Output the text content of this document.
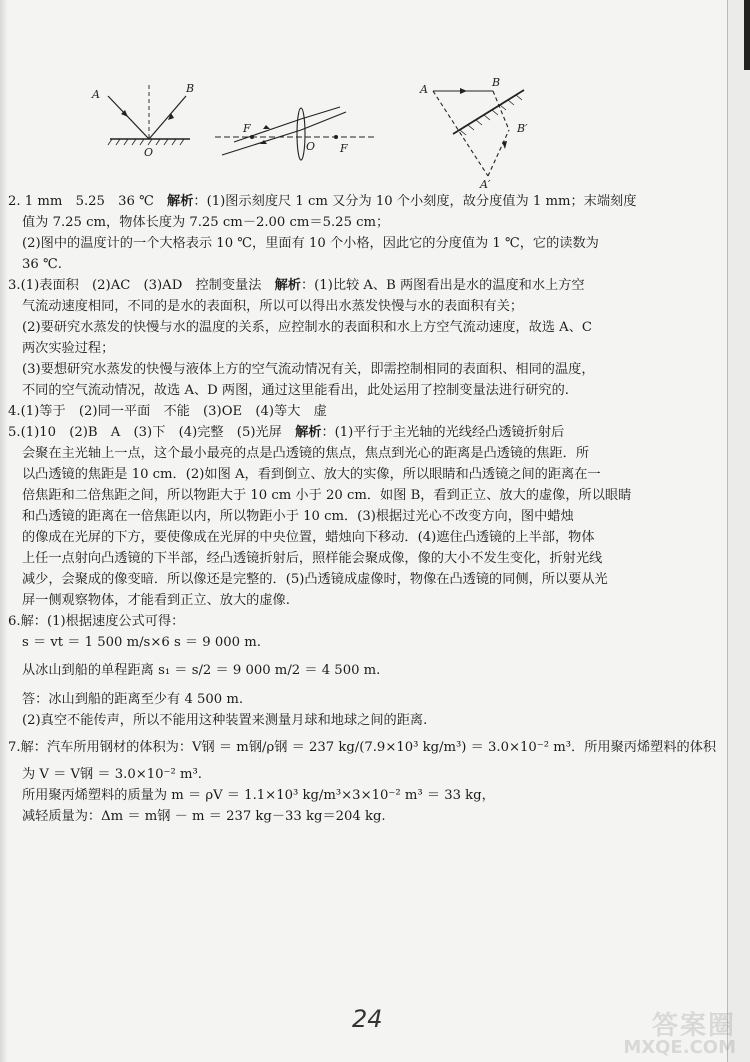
A	B
O
F
O F
A
B
B′
A′
2. 1 mm　5.25　36 ℃　解析：(1)图示刻度尺 1 cm 又分为 10 个小刻度，故分度值为 1 mm；末端刻度
值为 7.25 cm，物体长度为 7.25 cm－2.00 cm＝5.25 cm；
(2)图中的温度计的一个大格表示 10 ℃，里面有 10 个小格，因此它的分度值为 1 ℃，它的读数为
36 ℃.
3.(1)表面积　(2)AC　(3)AD　控制变量法　解析：(1)比较 A、B 两图看出是水的温度和水上方空
气流动速度相同，不同的是水的表面积，所以可以得出水蒸发快慢与水的表面积有关；
(2)要研究水蒸发的快慢与水的温度的关系，应控制水的表面积和水上方空气流动速度，故选 A、C
两次实验过程；
(3)要想研究水蒸发的快慢与液体上方的空气流动情况有关，即需控制相同的表面积、相同的温度，
不同的空气流动情况，故选 A、D 两图，通过这里能看出，此处运用了控制变量法进行研究的.
4.(1)等于　(2)同一平面　不能　(3)OE　(4)等大　虚
5.(1)10　(2)B　A　(3)下　(4)完整　(5)光屏　解析：(1)平行于主光轴的光线经凸透镜折射后
会聚在主光轴上一点，这个最小最亮的点是凸透镜的焦点，焦点到光心的距离是凸透镜的焦距．所
以凸透镜的焦距是 10 cm．(2)如图 A，看到倒立、放大的实像，所以眼睛和凸透镜之间的距离在一
倍焦距和二倍焦距之间，所以物距大于 10 cm 小于 20 cm．如图 B，看到正立、放大的虚像，所以眼睛
和凸透镜的距离在一倍焦距以内，所以物距小于 10 cm．(3)根据过光心不改变方向，图中蜡烛
的像成在光屏的下方，要使像成在光屏的中央位置，蜡烛向下移动．(4)遮住凸透镜的上半部，物体
上任一点射向凸透镜的下半部，经凸透镜折射后，照样能会聚成像，像的大小不发生变化，折射光线
减少，会聚成的像变暗．所以像还是完整的．(5)凸透镜成虚像时，物像在凸透镜的同侧，所以要从光
屏一侧观察物体，才能看到正立、放大的虚像.
6.解：(1)根据速度公式可得：
s ＝ vt ＝ 1 500 m/s×6 s ＝ 9 000 m.
从冰山到船的单程距离 s₁ ＝ s/2 ＝ 9 000 m/2 ＝ 4 500 m.
答：冰山到船的距离至少有 4 500 m.
(2)真空不能传声，所以不能用这种装置来测量月球和地球之间的距离.
7.解：汽车所用钢材的体积为：V钢 ＝ m钢/ρ钢 ＝ 237 kg/(7.9×10³ kg/m³) ＝ 3.0×10⁻² m³．所用聚丙烯塑料的体积
为 V ＝ V钢 ＝ 3.0×10⁻² m³.
所用聚丙烯塑料的质量为 m ＝ ρV ＝ 1.1×10³ kg/m³×3×10⁻² m³ ＝ 33 kg，
减轻质量为：Δm ＝ m钢 － m ＝ 237 kg－33 kg＝204 kg.
24	答案圈
MXQE.COM
